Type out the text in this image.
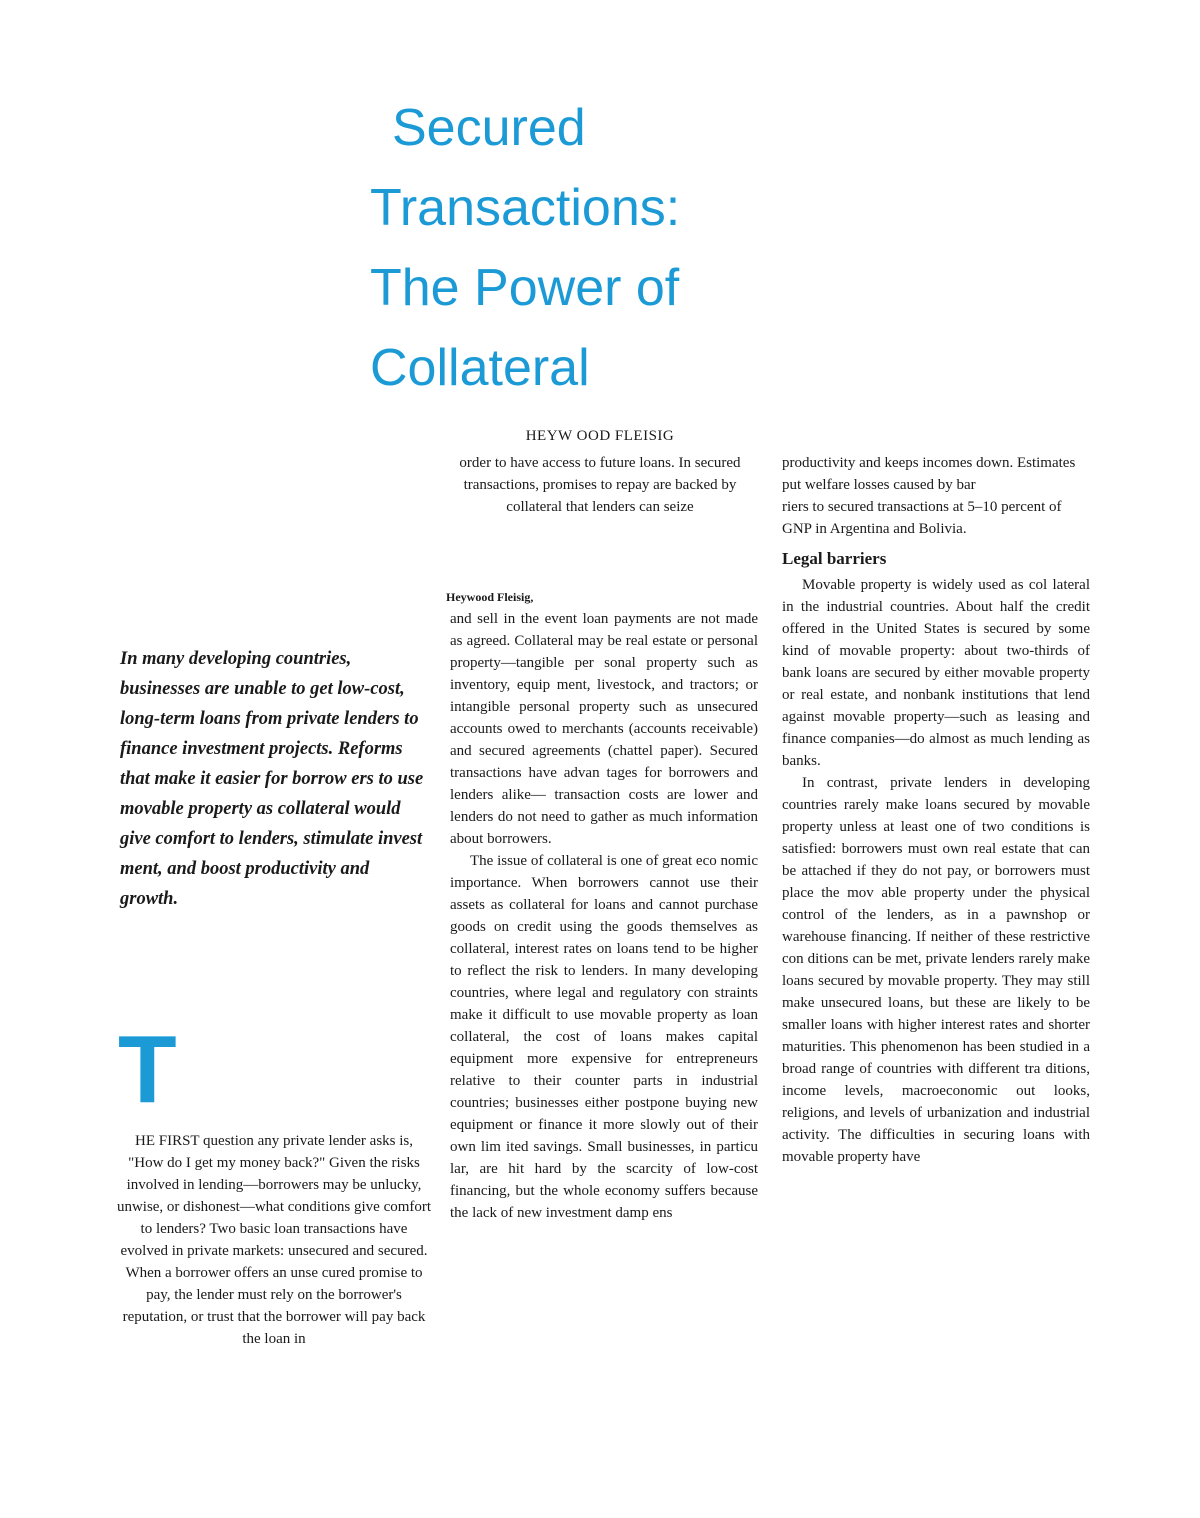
Secured
Transactions:
The Power of
Collateral
HEYW OOD FLEISIG
order to have access to future loans. In secured transactions, promises to repay are backed by collateral that lenders can seize
Heywood Fleisig,
In many developing countries, businesses are unable to get low-cost, long-term loans from private lenders to finance investment projects. Reforms that make it easier for borrow ers to use movable property as collateral would give comfort to lenders, stimulate invest ment, and boost productivity and growth.
T

HE FIRST question any private lender asks is, "How do I get my money back?" Given the risks involved in lending—borrowers may be unlucky, unwise, or dishonest—what conditions give comfort to lenders? Two basic loan transactions have evolved in private markets: unsecured and secured. When a borrower offers an unse cured promise to pay, the lender must rely on the borrower's reputation, or trust that the borrower will pay back the loan in

and sell in the event loan payments are not made as agreed. Collateral may be real estate or personal property—tangible per sonal property such as inventory, equip ment, livestock, and tractors; or intangible personal property such as unsecured accounts owed to merchants (accounts receivable) and secured agreements (chattel paper). Secured transactions have advan tages for borrowers and lenders alike— transaction costs are lower and lenders do not need to gather as much information about borrowers.

The issue of collateral is one of great eco nomic importance. When borrowers cannot use their assets as collateral for loans and cannot purchase goods on credit using the goods themselves as collateral, interest rates on loans tend to be higher to reflect the risk to lenders. In many developing countries, where legal and regulatory con straints make it difficult to use movable property as loan collateral, the cost of loans makes capital equipment more expensive for entrepreneurs relative to their counter parts in industrial countries; businesses either postpone buying new equipment or finance it more slowly out of their own lim ited savings. Small businesses, in particu lar, are hit hard by the scarcity of low-cost financing, but the whole economy suffers because the lack of new investment damp ens

productivity and keeps incomes down. Estimates put welfare losses caused by bar

riers to secured transactions at 5–10 percent of GNP in Argentina and Bolivia.

Legal barriers

Movable property is widely used as col lateral in the industrial countries. About half the credit offered in the United States is secured by some kind of movable property: about two-thirds of bank loans are secured by either movable property or real estate, and nonbank institutions that lend against movable property—such as leasing and finance companies—do almost as much lending as banks.

In contrast, private lenders in developing countries rarely make loans secured by movable property unless at least one of two conditions is satisfied: borrowers must own real estate that can be attached if they do not pay, or borrowers must place the mov able property under the physical control of the lenders, as in a pawnshop or warehouse financing. If neither of these restrictive con ditions can be met, private lenders rarely make loans secured by movable property. They may still make unsecured loans, but these are likely to be smaller loans with higher interest rates and shorter maturities. This phenomenon has been studied in a broad range of countries with different tra ditions, income levels, macroeconomic out looks, religions, and levels of urbanization and industrial activity. The difficulties in securing loans with movable property have
